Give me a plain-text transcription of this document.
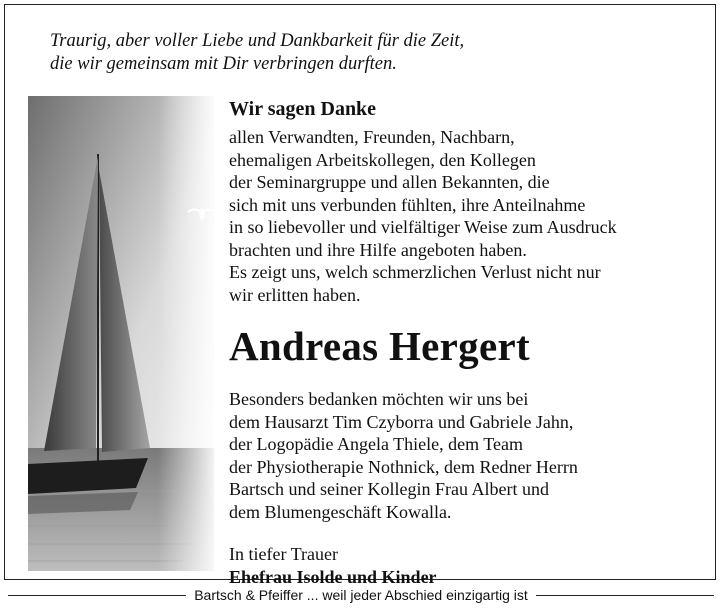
Traurig, aber voller Liebe und Dankbarkeit für die Zeit,
die wir gemeinsam mit Dir verbringen durften.
Wir sagen Danke
allen Verwandten, Freunden, Nachbarn,
ehemaligen Arbeitskollegen, den Kollegen
der Seminargruppe und allen Bekannten, die
sich mit uns verbunden fühlten, ihre Anteilnahme
in so liebevoller und vielfältiger Weise zum Ausdruck
brachten und ihre Hilfe angeboten haben.
Es zeigt uns, welch schmerzlichen Verlust nicht nur
wir erlitten haben.
Andreas Hergert
Besonders bedanken möchten wir uns bei
dem Hausarzt Tim Czyborra und Gabriele Jahn,
der Logopädie Angela Thiele, dem Team
der Physiotherapie Nothnick, dem Redner Herrn
Bartsch und seiner Kollegin Frau Albert und
dem Blumengeschäft Kowalla.
In tiefer Trauer
Ehefrau Isolde und Kinder
Bartsch & Pfeiffer ... weil jeder Abschied einzigartig ist
